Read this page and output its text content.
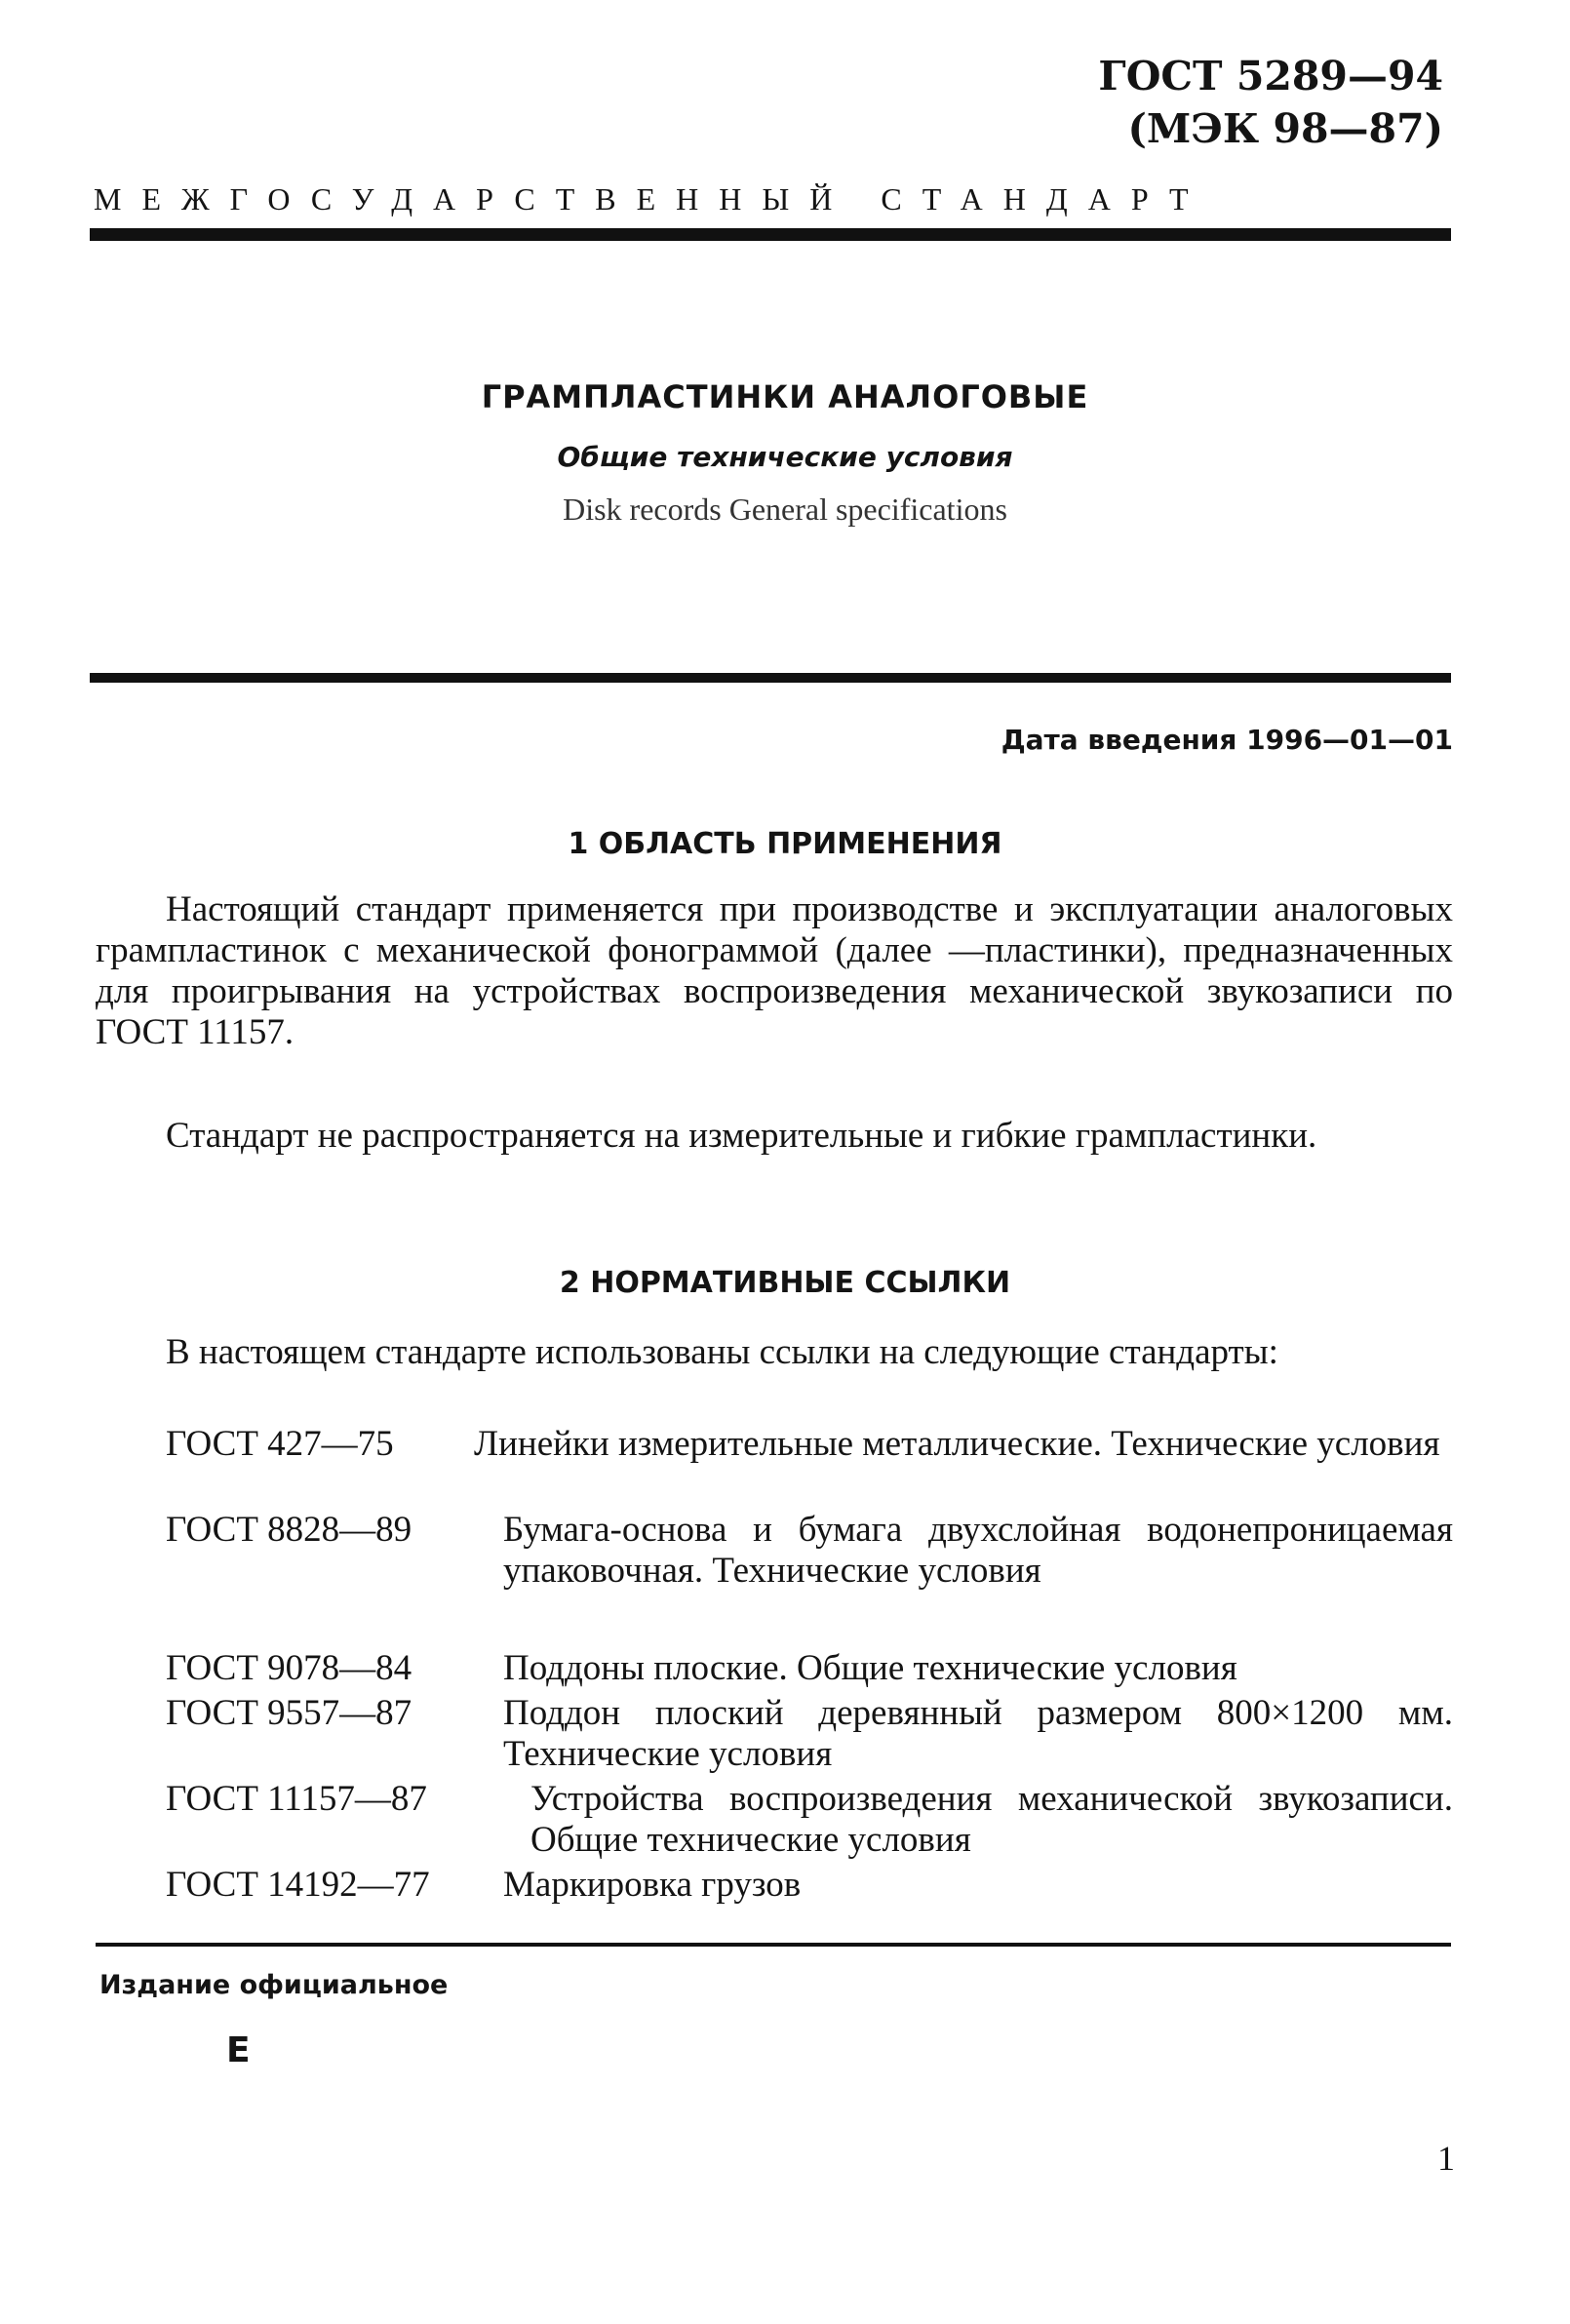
ГОСТ 5289—94
(МЭК 98—87)
МЕЖГОСУДАРСТВЕННЫЙ СТАНДАРТ
ГРАМПЛАСТИНКИ АНАЛОГОВЫЕ
Общие технические условия
Disk records General specifications
Дата введения 1996—01—01
1 ОБЛАСТЬ ПРИМЕНЕНИЯ

Настоящий стандарт применяется при производстве и эксплуатации аналоговых грампластинок с механической фонограммой (далее —пластинки), предназначенных для проигрывания на устройствах воспроизведения механической звукозаписи по ГОСТ 11157.

Стандарт не распространяется на измерительные и гибкие грампластинки.

2 НОРМАТИВНЫЕ ССЫЛКИ

В настоящем стандарте использованы ссылки на следующие стандарты:

ГОСТ 427—75 Линейки измерительные металлические. Технические условия
ГОСТ 8828—89	Бумага-основа и бумага двухслойная водонепроницаемая упаковочная. Технические условия
ГОСТ 9078—84	Поддоны плоские. Общие технические условия
ГОСТ 9557—87	Поддон плоский деревянный размером 800×1200 мм. Технические условия
ГОСТ 11157—87	Устройства воспроизведения механической звукозаписи. Общие технические условия
ГОСТ 14192—77 Маркировка грузов
Издание официальное
Е
1
